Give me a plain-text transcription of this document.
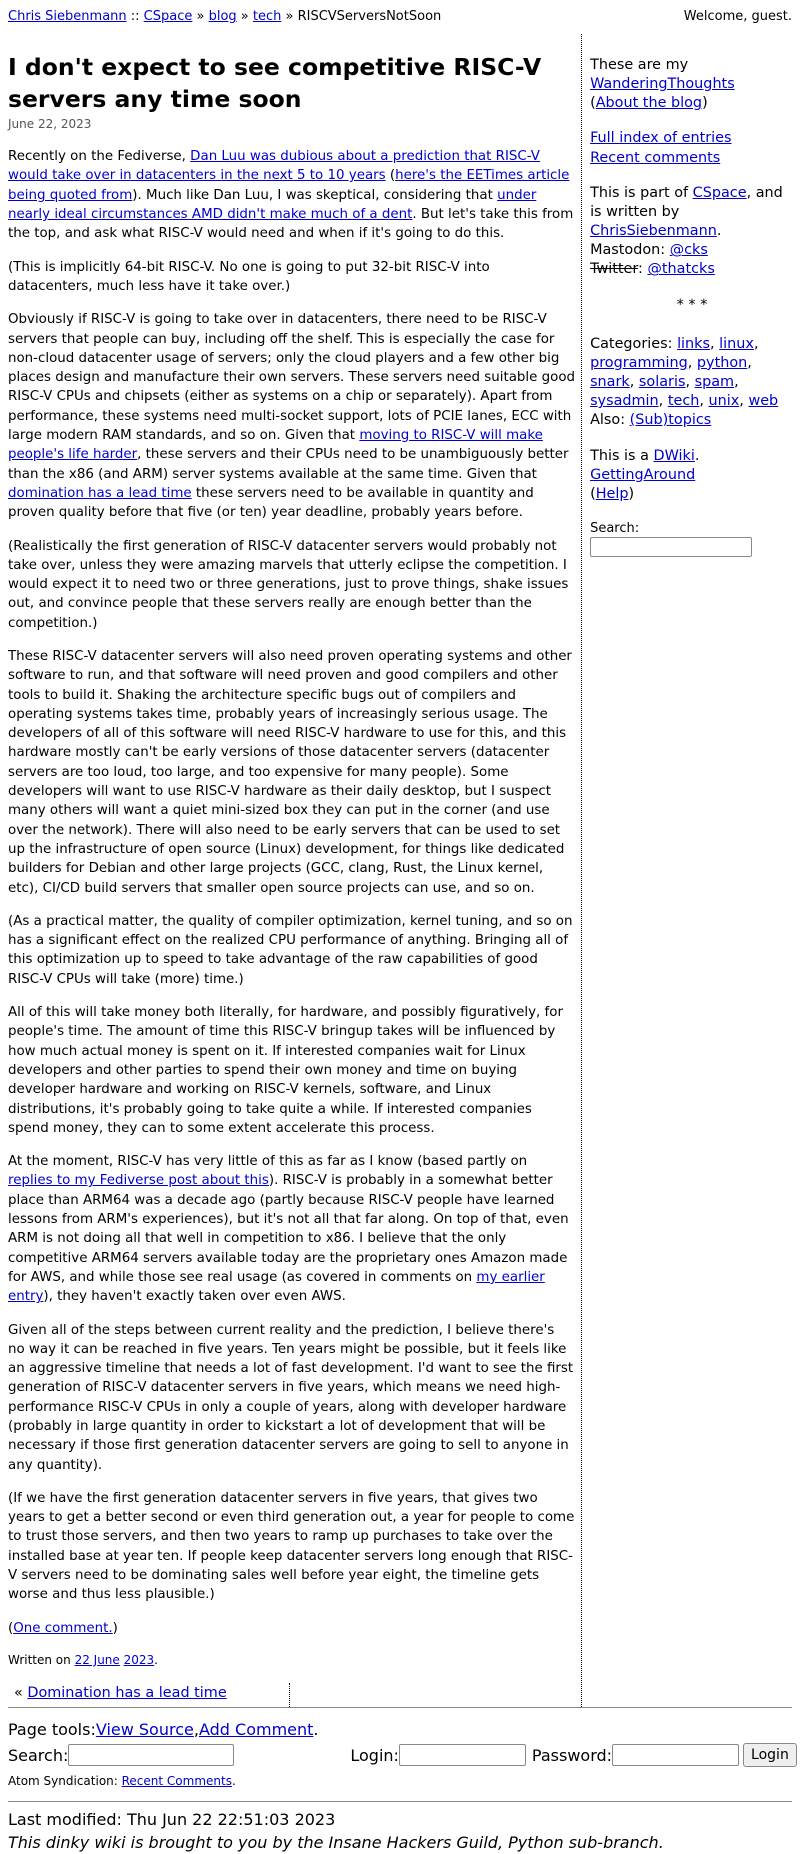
Chris Siebenmann :: CSpace » blog » tech » RISCVServersNotSoon	Welcome, guest.
I don't expect to see competitive RISC-V servers any time soon
June 22, 2023

Recently on the Fediverse, Dan Luu was dubious about a prediction that RISC-V would take over in datacenters in the next 5 to 10 years (here's the EETimes article being quoted from). Much like Dan Luu, I was skeptical, considering that under nearly ideal circumstances AMD didn't make much of a dent. But let's take this from the top, and ask what RISC-V would need and when if it's going to do this.

(This is implicitly 64-bit RISC-V. No one is going to put 32-bit RISC-V into datacenters, much less have it take over.)

Obviously if RISC-V is going to take over in datacenters, there need to be RISC-V servers that people can buy, including off the shelf. This is especially the case for non-cloud datacenter usage of servers; only the cloud players and a few other big places design and manufacture their own servers. These servers need suitable good RISC-V CPUs and chipsets (either as systems on a chip or separately). Apart from performance, these systems need multi-socket support, lots of PCIE lanes, ECC with large modern RAM standards, and so on. Given that moving to RISC-V will make people's life harder, these servers and their CPUs need to be unambiguously better than the x86 (and ARM) server systems available at the same time. Given that domination has a lead time these servers need to be available in quantity and proven quality before that five (or ten) year deadline, probably years before.

(Realistically the first generation of RISC-V datacenter servers would probably not take over, unless they were amazing marvels that utterly eclipse the competition. I would expect it to need two or three generations, just to prove things, shake issues out, and convince people that these servers really are enough better than the competition.)

These RISC-V datacenter servers will also need proven operating systems and other software to run, and that software will need proven and good compilers and other tools to build it. Shaking the architecture specific bugs out of compilers and operating systems takes time, probably years of increasingly serious usage. The developers of all of this software will need RISC-V hardware to use for this, and this hardware mostly can't be early versions of those datacenter servers (datacenter servers are too loud, too large, and too expensive for many people). Some developers will want to use RISC-V hardware as their daily desktop, but I suspect many others will want a quiet mini-sized box they can put in the corner (and use over the network). There will also need to be early servers that can be used to set up the infrastructure of open source (Linux) development, for things like dedicated builders for Debian and other large projects (GCC, clang, Rust, the Linux kernel, etc), CI/CD build servers that smaller open source projects can use, and so on.

(As a practical matter, the quality of compiler optimization, kernel tuning, and so on has a significant effect on the realized CPU performance of anything. Bringing all of this optimization up to speed to take advantage of the raw capabilities of good RISC-V CPUs will take (more) time.)

All of this will take money both literally, for hardware, and possibly figuratively, for people's time. The amount of time this RISC-V bringup takes will be influenced by how much actual money is spent on it. If interested companies wait for Linux developers and other parties to spend their own money and time on buying developer hardware and working on RISC-V kernels, software, and Linux distributions, it's probably going to take quite a while. If interested companies spend money, they can to some extent accelerate this process.

At the moment, RISC-V has very little of this as far as I know (based partly on replies to my Fediverse post about this). RISC-V is probably in a somewhat better place than ARM64 was a decade ago (partly because RISC-V people have learned lessons from ARM's experiences), but it's not all that far along. On top of that, even ARM is not doing all that well in competition to x86. I believe that the only competitive ARM64 servers available today are the proprietary ones Amazon made for AWS, and while those see real usage (as covered in comments on my earlier entry), they haven't exactly taken over even AWS.

Given all of the steps between current reality and the prediction, I believe there's no way it can be reached in five years. Ten years might be possible, but it feels like an aggressive timeline that needs a lot of fast development. I'd want to see the first generation of RISC-V datacenter servers in five years, which means we need high-performance RISC-V CPUs in only a couple of years, along with developer hardware (probably in large quantity in order to kickstart a lot of development that will be necessary if those first generation datacenter servers are going to sell to anyone in any quantity).

(If we have the first generation datacenter servers in five years, that gives two years to get a better second or even third generation out, a year for people to come to trust those servers, and then two years to ramp up purchases to take over the installed base at year ten. If people keep datacenter servers long enough that RISC-V servers need to be dominating sales well before year eight, the timeline gets worse and thus less plausible.)

(One comment.)

Written on 22 June 2023.

« Domination has a lead time

These are my WanderingThoughts
(About the blog)

Full index of entries
Recent comments

This is part of CSpace, and is written by ChrisSiebenmann.
Mastodon: @cks
Twitter: @thatcks

* * *

Categories: links, linux, programming, python, snark, solaris, spam, sysadmin, tech, unix, web
Also: (Sub)topics

This is a DWiki.
GettingAround
(Help)

Search:
Page tools: View Source , Add Comment .
Search:	Login:	Password:	Login
Atom Syndication: Recent Comments.
Last modified: Thu Jun 22 22:51:03 2023
This dinky wiki is brought to you by the Insane Hackers Guild, Python sub-branch.
